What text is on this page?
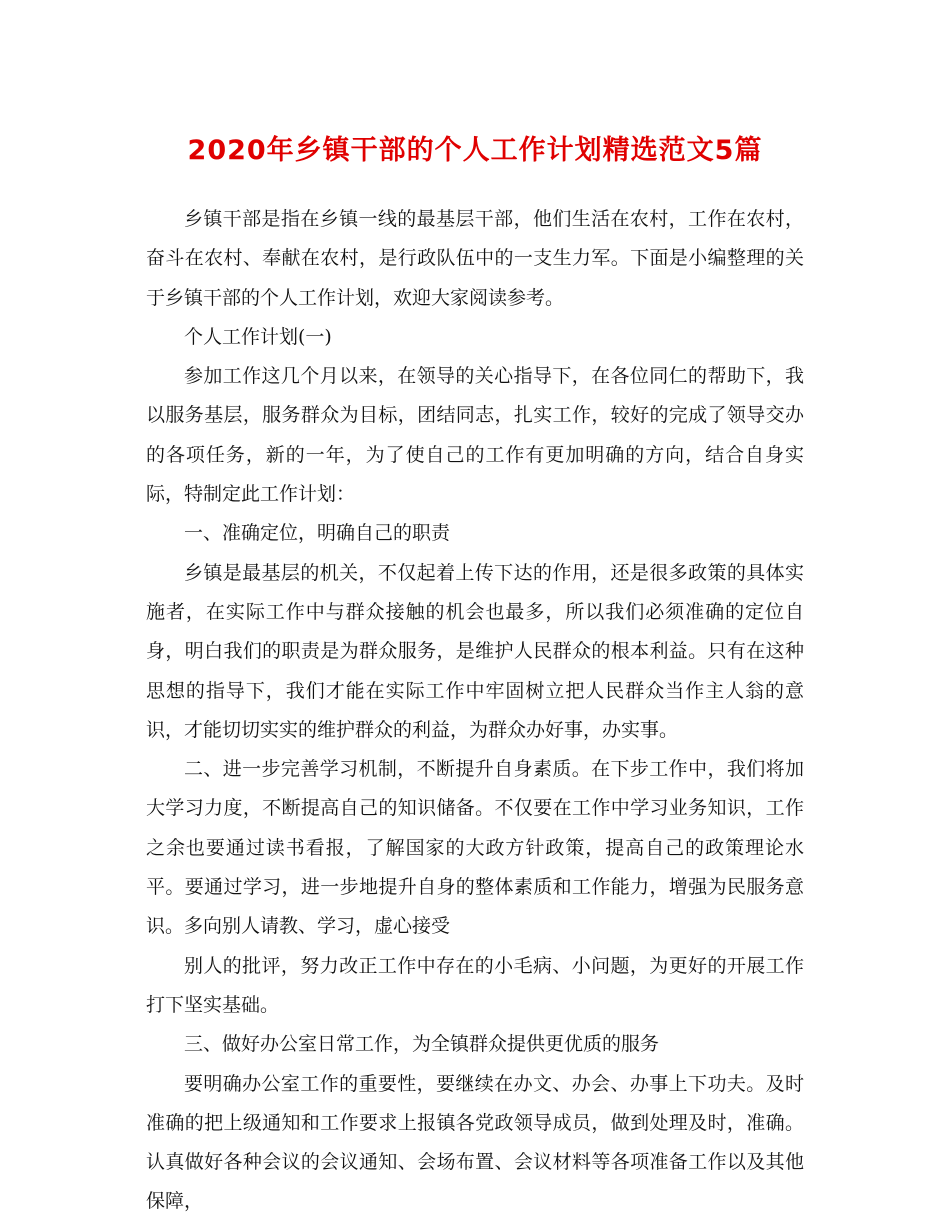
2020年乡镇干部的个人工作计划精选范文5篇

乡镇干部是指在乡镇一线的最基层干部，他们生活在农村，工作在农村，奋斗在农村、奉献在农村，是行政队伍中的一支生力军。下面是小编整理的关于乡镇干部的个人工作计划，欢迎大家阅读参考。

个人工作计划(一)

参加工作这几个月以来，在领导的关心指导下，在各位同仁的帮助下，我以服务基层，服务群众为目标，团结同志，扎实工作，较好的完成了领导交办的各项任务，新的一年，为了使自己的工作有更加明确的方向，结合自身实际，特制定此工作计划：

一、准确定位，明确自己的职责

乡镇是最基层的机关，不仅起着上传下达的作用，还是很多政策的具体实施者，在实际工作中与群众接触的机会也最多，所以我们必须准确的定位自身，明白我们的职责是为群众服务，是维护人民群众的根本利益。只有在这种思想的指导下，我们才能在实际工作中牢固树立把人民群众当作主人翁的意识，才能切切实实的维护群众的利益，为群众办好事，办实事。

二、进一步完善学习机制，不断提升自身素质。在下步工作中，我们将加大学习力度，不断提高自己的知识储备。不仅要在工作中学习业务知识，工作之余也要通过读书看报，了解国家的大政方针政策，提高自己的政策理论水平。要通过学习，进一步地提升自身的整体素质和工作能力，增强为民服务意识。多向别人请教、学习，虚心接受

别人的批评，努力改正工作中存在的小毛病、小问题，为更好的开展工作打下坚实基础。

三、做好办公室日常工作，为全镇群众提供更优质的服务

要明确办公室工作的重要性，要继续在办文、办会、办事上下功夫。及时准确的把上级通知和工作要求上报镇各党政领导成员，做到处理及时，准确。认真做好各种会议的会议通知、会场布置、会议材料等各项准备工作以及其他保障，
